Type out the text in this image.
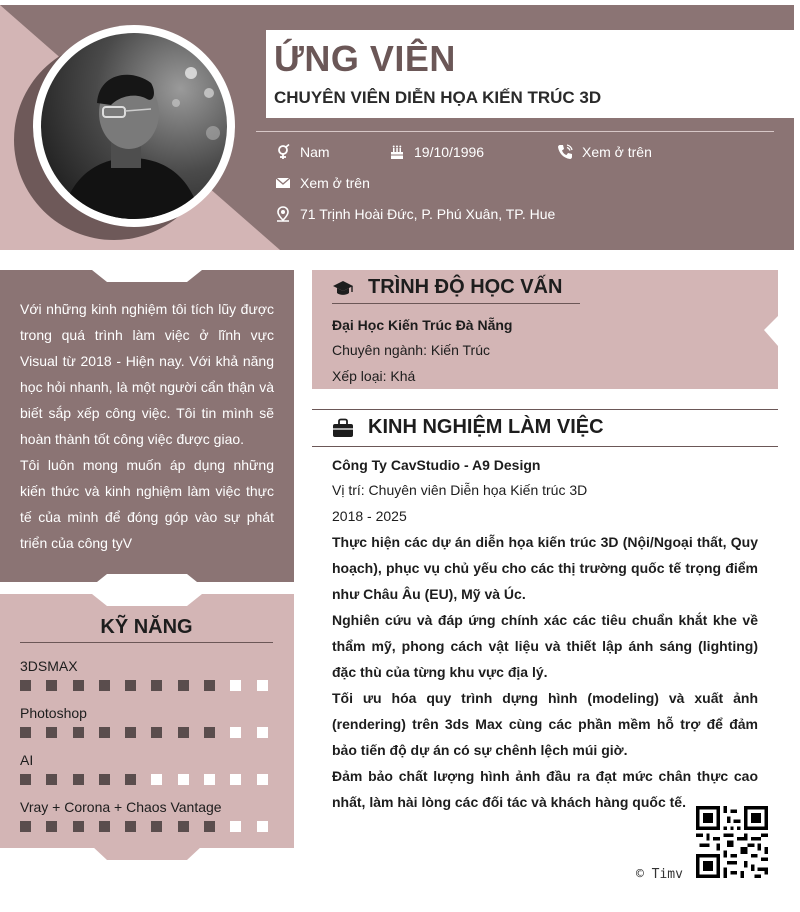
ỨNG VIÊN
CHUYÊN VIÊN DIỄN HỌA KIẾN TRÚC 3D
Nam	19/10/1996	Xem ở trên
Xem ở trên
71 Trịnh Hoài Đức, P. Phú Xuân, TP. Hue

Với những kinh nghiệm tôi tích lũy được trong quá trình làm việc ở lĩnh vực Visual từ 2018 - Hiện nay. Với khả năng học hỏi nhanh, là một người cẩn thận và biết sắp xếp công việc. Tôi tin mình sẽ hoàn thành tốt công việc được giao.

Tôi luôn mong muốn áp dụng những kiến thức và kinh nghiệm làm việc thực tế của mình để đóng góp vào sự phát triển của công tyV

KỸ NĂNG
3DSMAX
Photoshop
AI
Vray + Corona + Chaos Vantage
TRÌNH ĐỘ HỌC VẤN
Đại Học Kiến Trúc Đà Nẵng
Chuyên ngành: Kiến Trúc
Xếp loại: Khá
KINH NGHIỆM LÀM VIỆC
Công Ty CavStudio - A9 Design
Vị trí: Chuyên viên Diễn họa Kiến trúc 3D
2018 - 2025

Thực hiện các dự án diễn họa kiến trúc 3D (Nội/Ngoại thất, Quy hoạch), phục vụ chủ yếu cho các thị trường quốc tế trọng điểm như Châu Âu (EU), Mỹ và Úc.

Nghiên cứu và đáp ứng chính xác các tiêu chuẩn khắt khe về thẩm mỹ, phong cách vật liệu và thiết lập ánh sáng (lighting) đặc thù của từng khu vực địa lý.

Tối ưu hóa quy trình dựng hình (modeling) và xuất ảnh (rendering) trên 3ds Max cùng các phần mềm hỗ trợ để đảm bảo tiến độ dự án có sự chênh lệch múi giờ.

Đảm bảo chất lượng hình ảnh đầu ra đạt mức chân thực cao nhất, làm hài lòng các đối tác và khách hàng quốc tế.

© Timv
